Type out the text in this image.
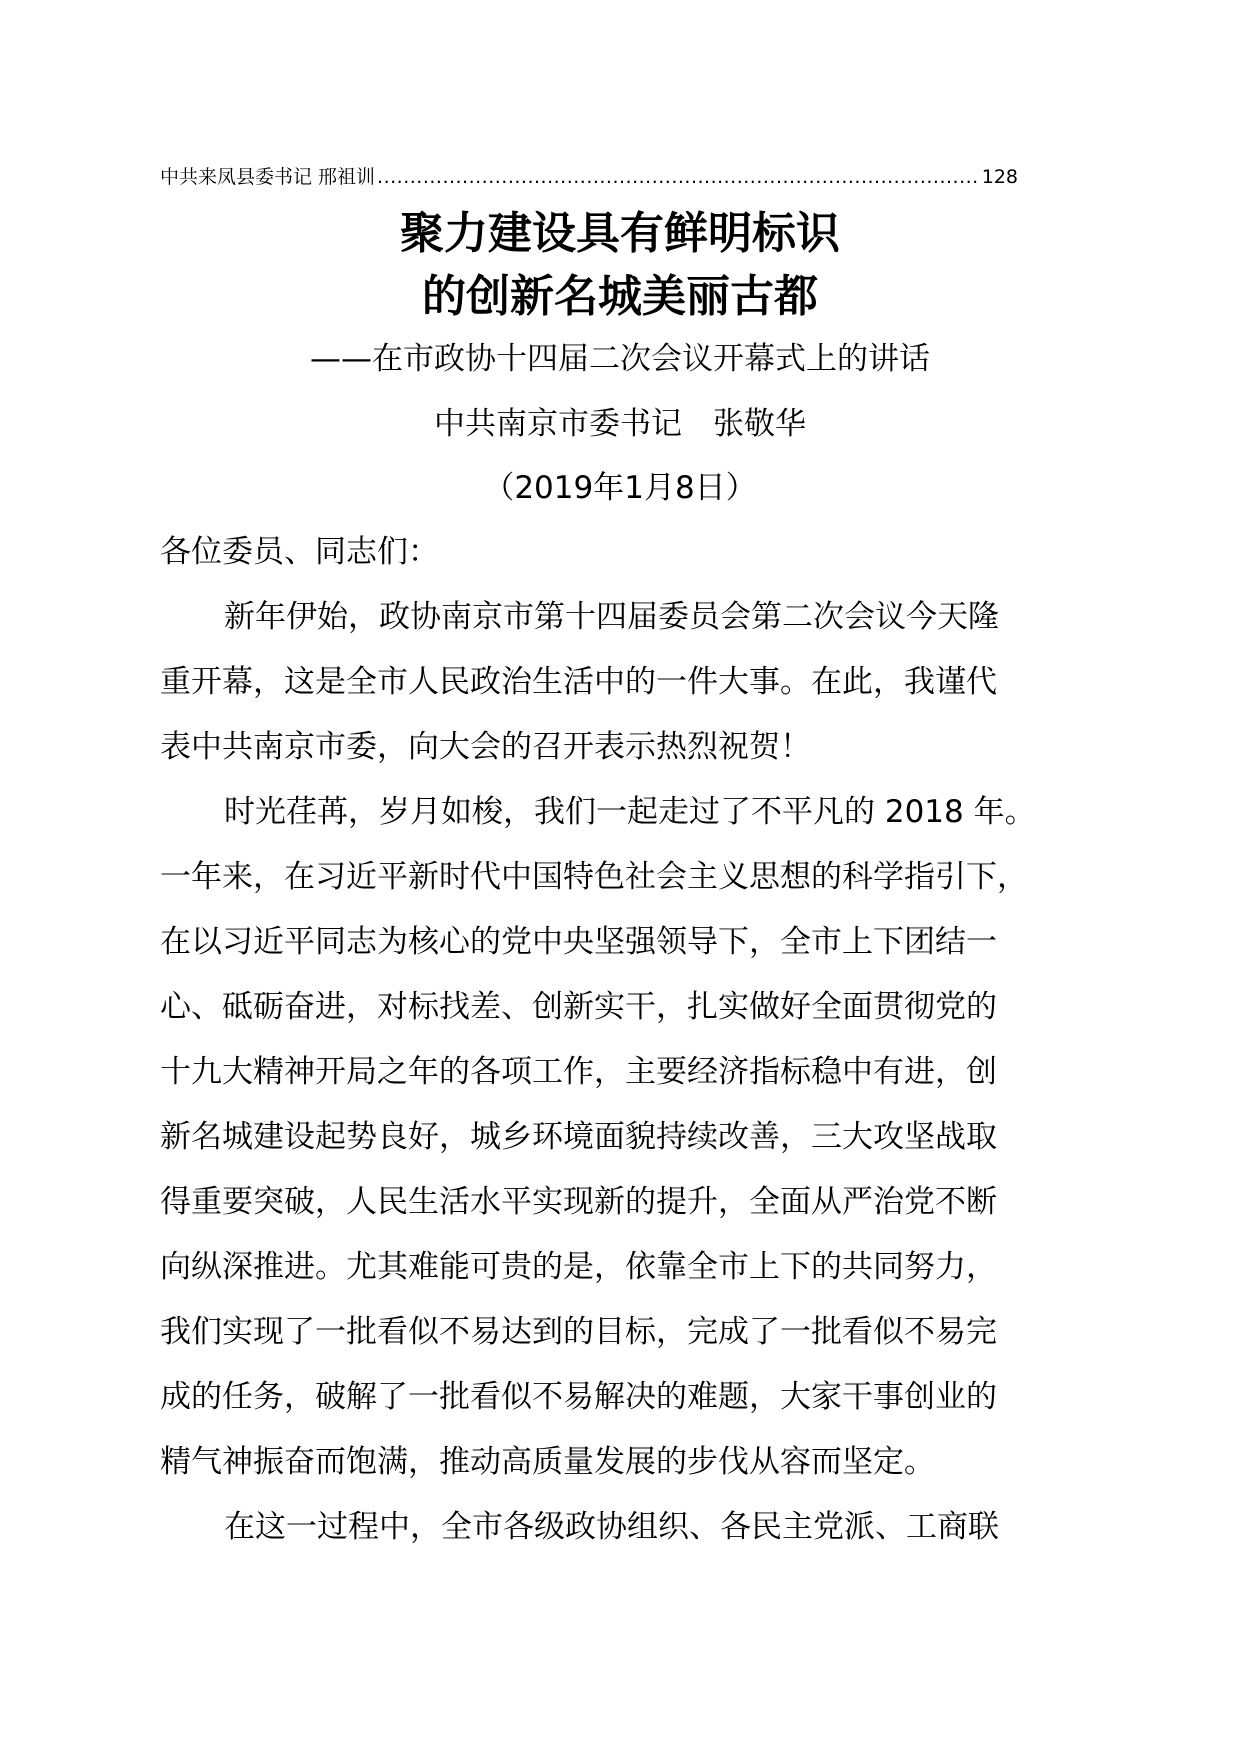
中共来凤县委书记 邢祖训
.....	128
聚力建设具有鲜明标识
的创新名城美丽古都
——在市政协十四届二次会议开幕式上的讲话
中共南京市委书记　张敬华
（2019年1月8日）
各位委员、同志们：
新年伊始，政协南京市第十四届委员会第二次会议今天隆
重开幕，这是全市人民政治生活中的一件大事。在此，我谨代
表中共南京市委，向大会的召开表示热烈祝贺！
时光荏苒，岁月如梭，我们一起走过了不平凡的 2018 年。
一年来，在习近平新时代中国特色社会主义思想的科学指引下，
在以习近平同志为核心的党中央坚强领导下，全市上下团结一
心、砥砺奋进，对标找差、创新实干，扎实做好全面贯彻党的
十九大精神开局之年的各项工作，主要经济指标稳中有进，创
新名城建设起势良好，城乡环境面貌持续改善，三大攻坚战取
得重要突破，人民生活水平实现新的提升，全面从严治党不断
向纵深推进。尤其难能可贵的是，依靠全市上下的共同努力，
我们实现了一批看似不易达到的目标，完成了一批看似不易完
成的任务，破解了一批看似不易解决的难题，大家干事创业的
精气神振奋而饱满，推动高质量发展的步伐从容而坚定。
在这一过程中，全市各级政协组织、各民主党派、工商联
